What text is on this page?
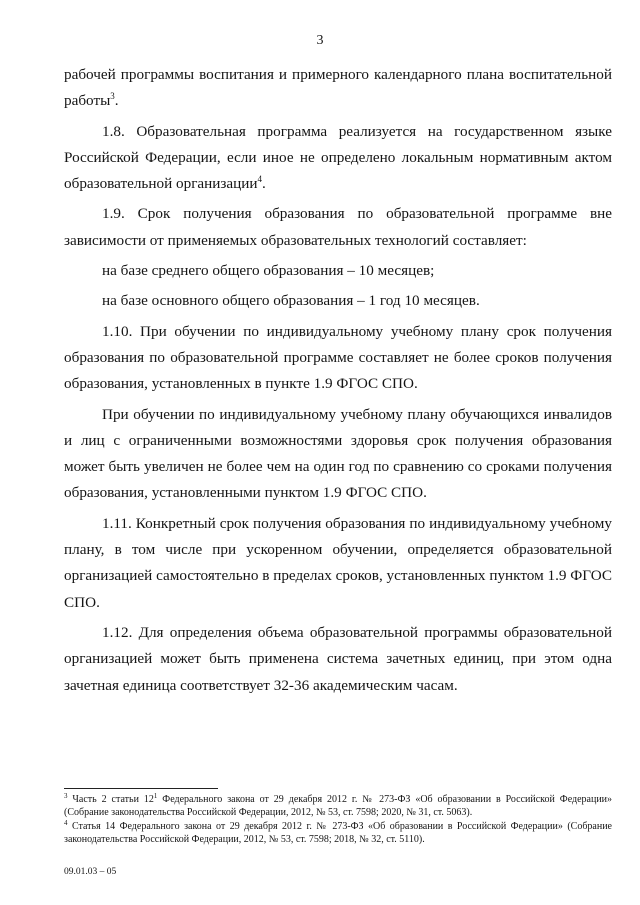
3

рабочей программы воспитания и примерного календарного плана воспитательной работы$^3$.

1.8. Образовательная программа реализуется на государственном языке Российской Федерации, если иное не определено локальным нормативным актом образовательной организации$^4$.

1.9. Срок получения образования по образовательной программе вне зависимости от применяемых образовательных технологий составляет:

на базе среднего общего образования – 10 месяцев;

на базе основного общего образования – 1 год 10 месяцев.

1.10. При обучении по индивидуальному учебному плану срок получения образования по образовательной программе составляет не более сроков получения образования, установленных в пункте 1.9 ФГОС СПО.

При обучении по индивидуальному учебному плану обучающихся инвалидов и лиц с ограниченными возможностями здоровья срок получения образования может быть увеличен не более чем на один год по сравнению со сроками получения образования, установленными пунктом 1.9 ФГОС СПО.

1.11. Конкретный срок получения образования по индивидуальному учебному плану, в том числе при ускоренном обучении, определяется образовательной организацией самостоятельно в пределах сроков, установленных пунктом 1.9 ФГОС СПО.

1.12. Для определения объема образовательной программы образовательной организацией может быть применена система зачетных единиц, при этом одна зачетная единица соответствует 32-36 академическим часам.

$^3$ Часть 2 статьи $12^1$ Федерального закона от 29 декабря 2012 г. № 273-ФЗ «Об образовании в Российской Федерации» (Собрание законодательства Российской Федерации, 2012, № 53, ст. 7598; 2020, № 31, ст. 5063).

$^4$ Статья 14 Федерального закона от 29 декабря 2012 г. № 273-ФЗ «Об образовании в Российской Федерации» (Собрание законодательства Российской Федерации, 2012, № 53, ст. 7598; 2018, № 32, ст. 5110).

09.01.03 – 05
